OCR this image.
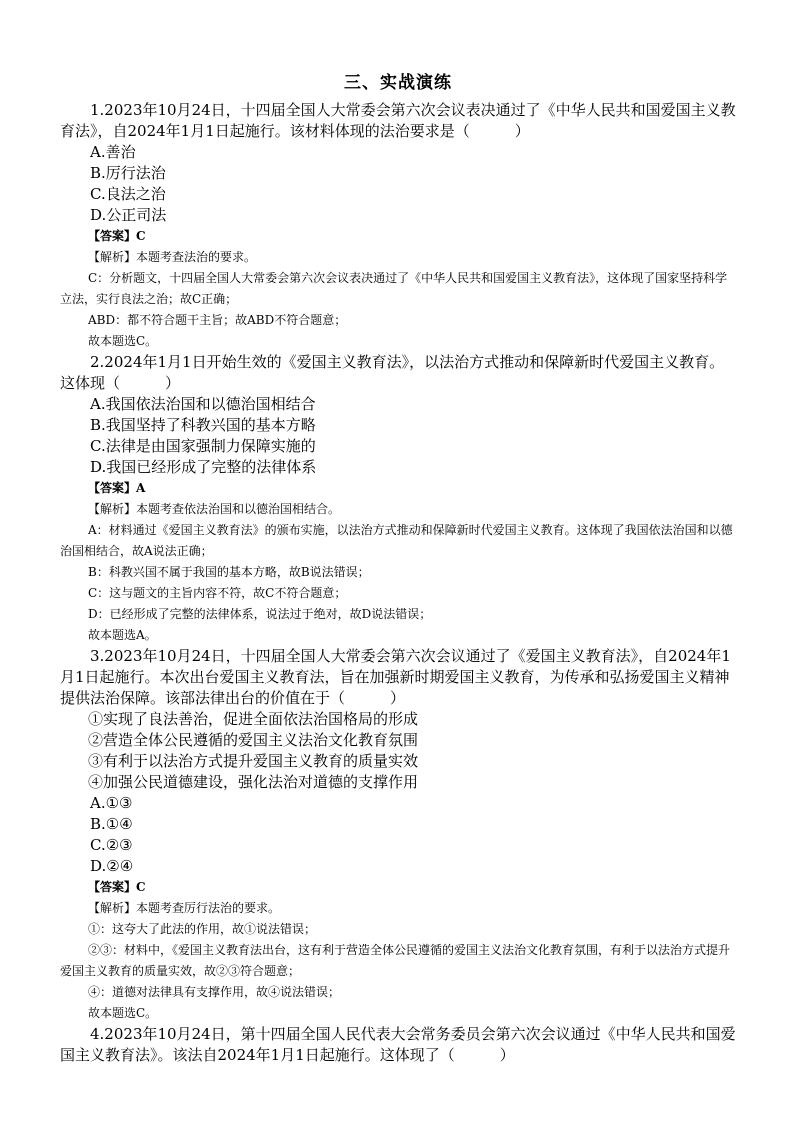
三、实战演练

1.2023年10月24日，十四届全国人大常委会第六次会议表决通过了《中华人民共和国爱国主义教育法》，自2024年1月1日起施行。该材料体现的法治要求是（　　　）

A.善治

B.厉行法治

C.良法之治

D.公正司法

【答案】C

【解析】本题考查法治的要求。

C：分析题文，十四届全国人大常委会第六次会议表决通过了《中华人民共和国爱国主义教育法》，这体现了国家坚持科学立法，实行良法之治；故C正确；

ABD：都不符合题干主旨；故ABD不符合题意；

故本题选C。

2.2024年1月1日开始生效的《爱国主义教育法》，以法治方式推动和保障新时代爱国主义教育。这体现（　　　）

A.我国依法治国和以德治国相结合

B.我国坚持了科教兴国的基本方略

C.法律是由国家强制力保障实施的

D.我国已经形成了完整的法律体系

【答案】A

【解析】本题考查依法治国和以德治国相结合。

A：材料通过《爱国主义教育法》的颁布实施，以法治方式推动和保障新时代爱国主义教育。这体现了我国依法治国和以德治国相结合，故A说法正确；

B：科教兴国不属于我国的基本方略，故B说法错误；

C：这与题文的主旨内容不符，故C不符合题意；

D：已经形成了完整的法律体系，说法过于绝对，故D说法错误；

故本题选A。

3.2023年10月24日，十四届全国人大常委会第六次会议通过了《爱国主义教育法》，自2024年1月1日起施行。本次出台爱国主义教育法，旨在加强新时期爱国主义教育，为传承和弘扬爱国主义精神提供法治保障。该部法律出台的价值在于（　　　）

①实现了良法善治，促进全面依法治国格局的形成

②营造全体公民遵循的爱国主义法治文化教育氛围

③有利于以法治方式提升爱国主义教育的质量实效

④加强公民道德建设，强化法治对道德的支撑作用

A.①③

B.①④

C.②③

D.②④

【答案】C

【解析】本题考查厉行法治的要求。

①：这夸大了此法的作用，故①说法错误；

②③：材料中，《爱国主义教育法出台，这有利于营造全体公民遵循的爱国主义法治文化教育氛围，有利于以法治方式提升爱国主义教育的质量实效，故②③符合题意；

④：道德对法律具有支撑作用，故④说法错误；

故本题选C。

4.2023年10月24日，第十四届全国人民代表大会常务委员会第六次会议通过《中华人民共和国爱国主义教育法》。该法自2024年1月1日起施行。这体现了（　　　）
